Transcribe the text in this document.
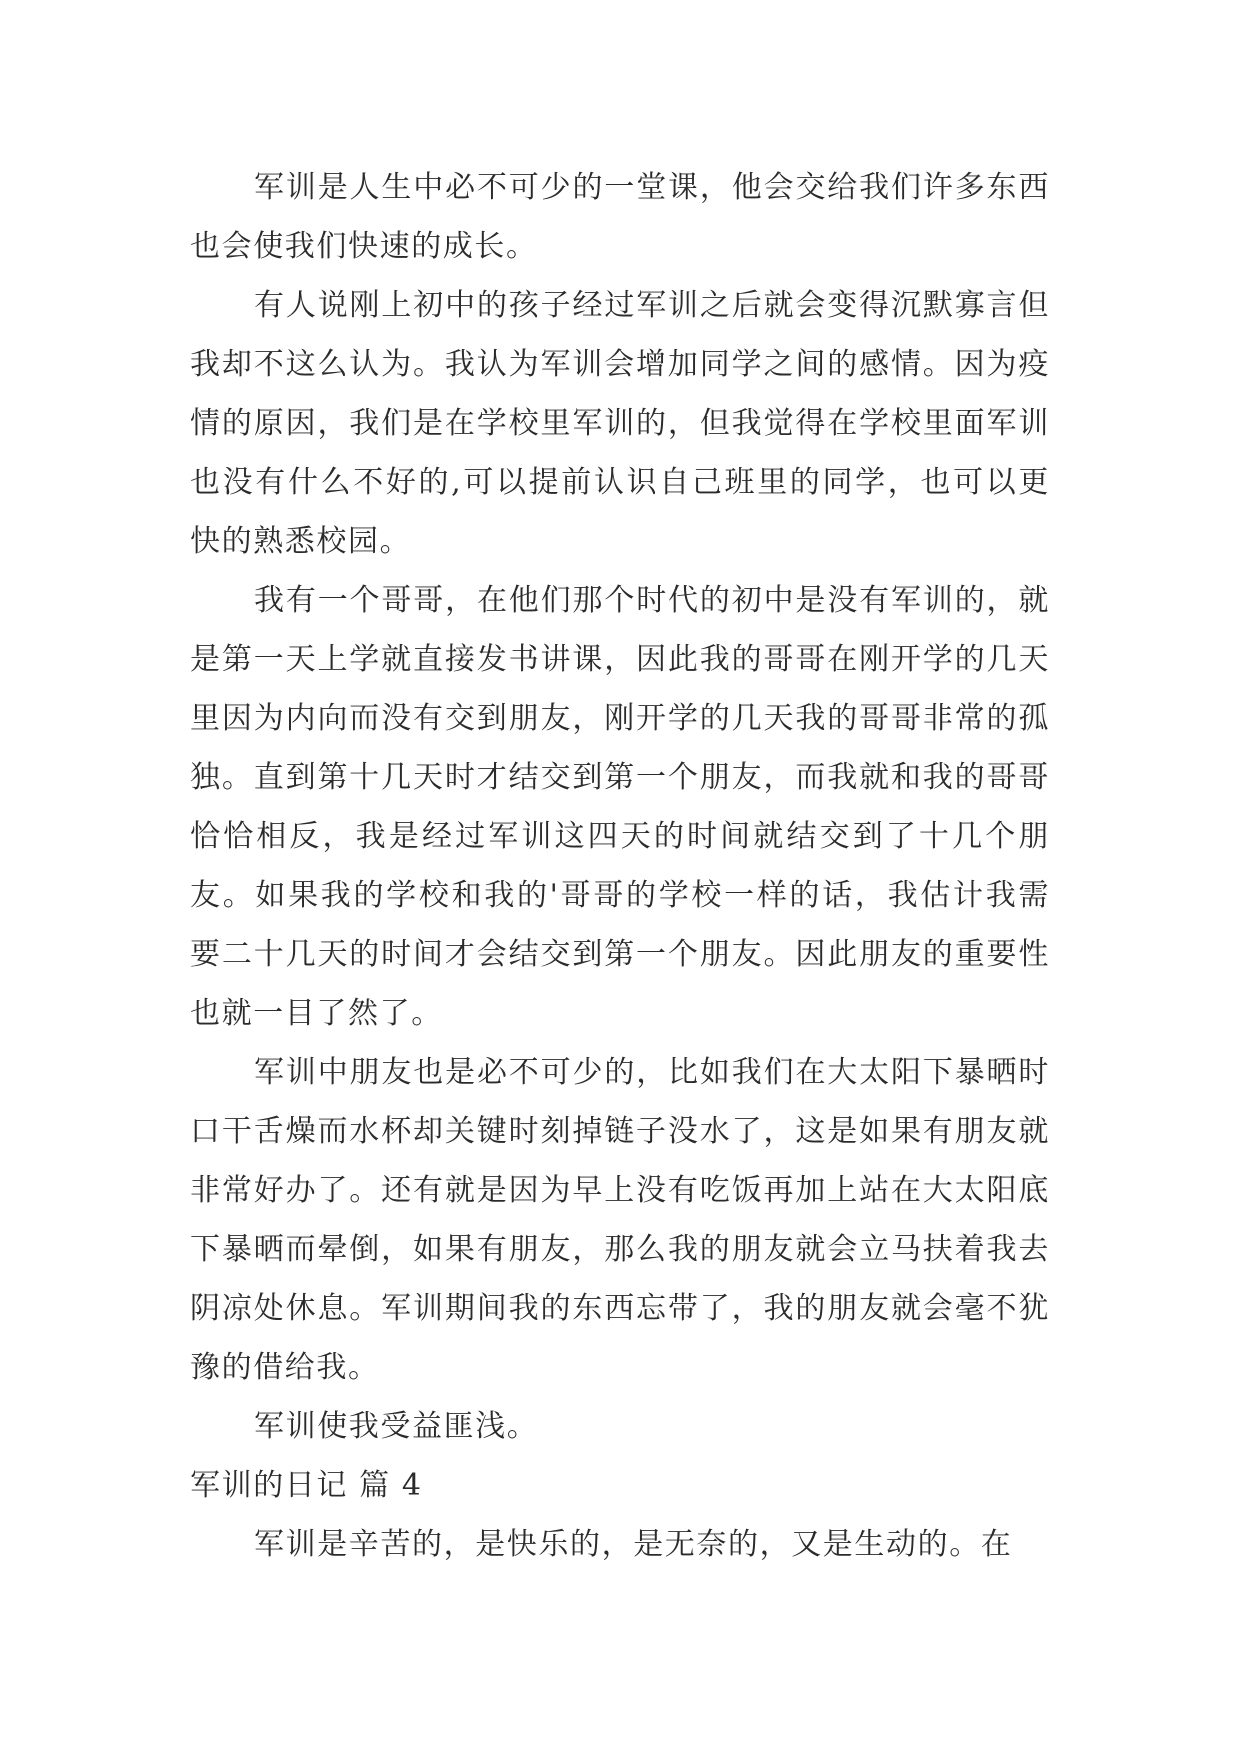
军训是人生中必不可少的一堂课，他会交给我们许多东西也会使我们快速的成长。

有人说刚上初中的孩子经过军训之后就会变得沉默寡言但我却不这么认为。我认为军训会增加同学之间的感情。因为疫情的原因，我们是在学校里军训的，但我觉得在学校里面军训也没有什么不好的,可以提前认识自己班里的同学，也可以更快的熟悉校园。

我有一个哥哥，在他们那个时代的初中是没有军训的，就是第一天上学就直接发书讲课，因此我的哥哥在刚开学的几天里因为内向而没有交到朋友，刚开学的几天我的哥哥非常的孤独。直到第十几天时才结交到第一个朋友，而我就和我的哥哥恰恰相反，我是经过军训这四天的时间就结交到了十几个朋友。如果我的学校和我的'哥哥的学校一样的话，我估计我需要二十几天的时间才会结交到第一个朋友。因此朋友的重要性也就一目了然了。

军训中朋友也是必不可少的，比如我们在大太阳下暴晒时口干舌燥而水杯却关键时刻掉链子没水了，这是如果有朋友就非常好办了。还有就是因为早上没有吃饭再加上站在大太阳底下暴晒而晕倒，如果有朋友，那么我的朋友就会立马扶着我去阴凉处休息。军训期间我的东西忘带了，我的朋友就会毫不犹豫的借给我。

军训使我受益匪浅。

军训的日记 篇 4

军训是辛苦的，是快乐的，是无奈的，又是生动的。在
